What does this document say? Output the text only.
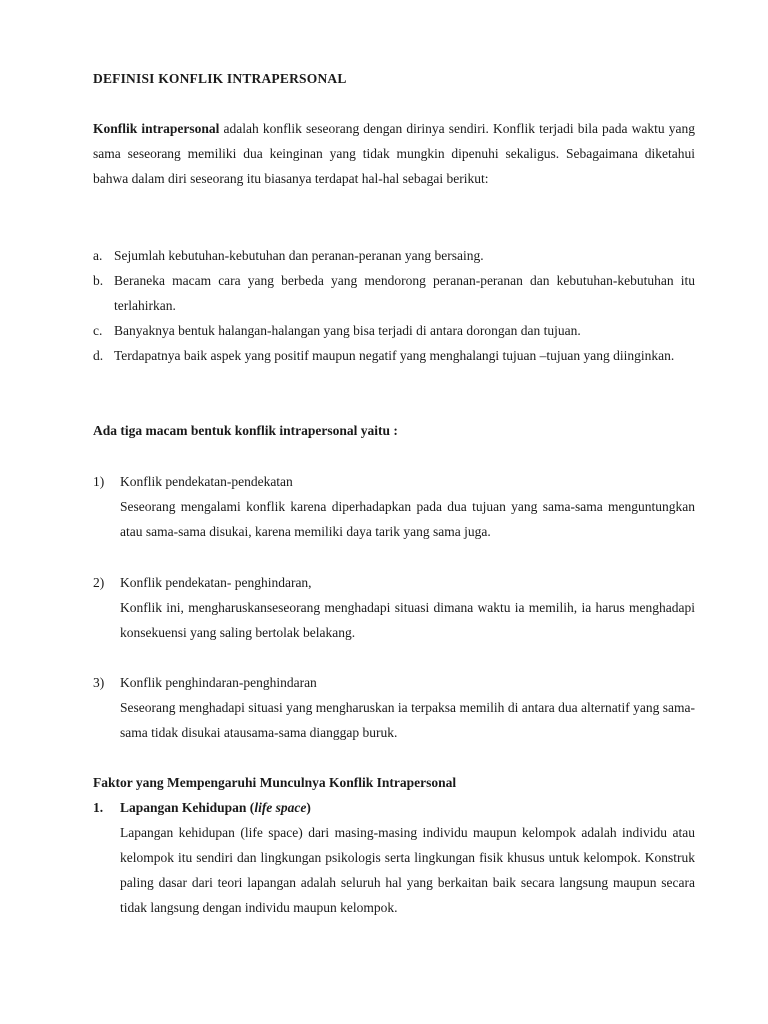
DEFINISI KONFLIK INTRAPERSONAL
Konflik intrapersonal adalah konflik seseorang dengan dirinya sendiri. Konflik terjadi bila pada waktu yang sama seseorang memiliki dua keinginan yang tidak mungkin dipenuhi sekaligus. Sebagaimana diketahui bahwa dalam diri seseorang itu biasanya terdapat hal-hal sebagai berikut:
a. Sejumlah kebutuhan-kebutuhan dan peranan-peranan yang bersaing.
b. Beraneka macam cara yang berbeda yang mendorong peranan-peranan dan kebutuhan-kebutuhan itu terlahirkan.
c. Banyaknya bentuk halangan-halangan yang bisa terjadi di antara dorongan dan tujuan.
d. Terdapatnya baik aspek yang positif maupun negatif yang menghalangi tujuan –tujuan yang diinginkan.
Ada tiga macam bentuk konflik intrapersonal yaitu :
1) Konflik pendekatan-pendekatan
Seseorang mengalami konflik karena diperhadapkan pada dua tujuan yang sama-sama menguntungkan atau sama-sama disukai, karena memiliki daya tarik yang sama juga.
2) Konflik pendekatan- penghindaran,
Konflik ini, mengharuskanseseorang menghadapi situasi dimana waktu ia memilih, ia harus menghadapi konsekuensi yang saling bertolak belakang.
3) Konflik penghindaran-penghindaran
Seseorang menghadapi situasi yang mengharuskan ia terpaksa memilih di antara dua alternatif yang sama-sama tidak disukai atausama-sama dianggap buruk.
Faktor yang Mempengaruhi Munculnya Konflik Intrapersonal
1. Lapangan Kehidupan (life space)
Lapangan kehidupan (life space) dari masing-masing individu maupun kelompok adalah individu atau kelompok itu sendiri dan lingkungan psikologis serta lingkungan fisik khusus untuk kelompok. Konstruk paling dasar dari teori lapangan adalah seluruh hal yang berkaitan baik secara langsung maupun secara tidak langsung dengan individu maupun kelompok.
